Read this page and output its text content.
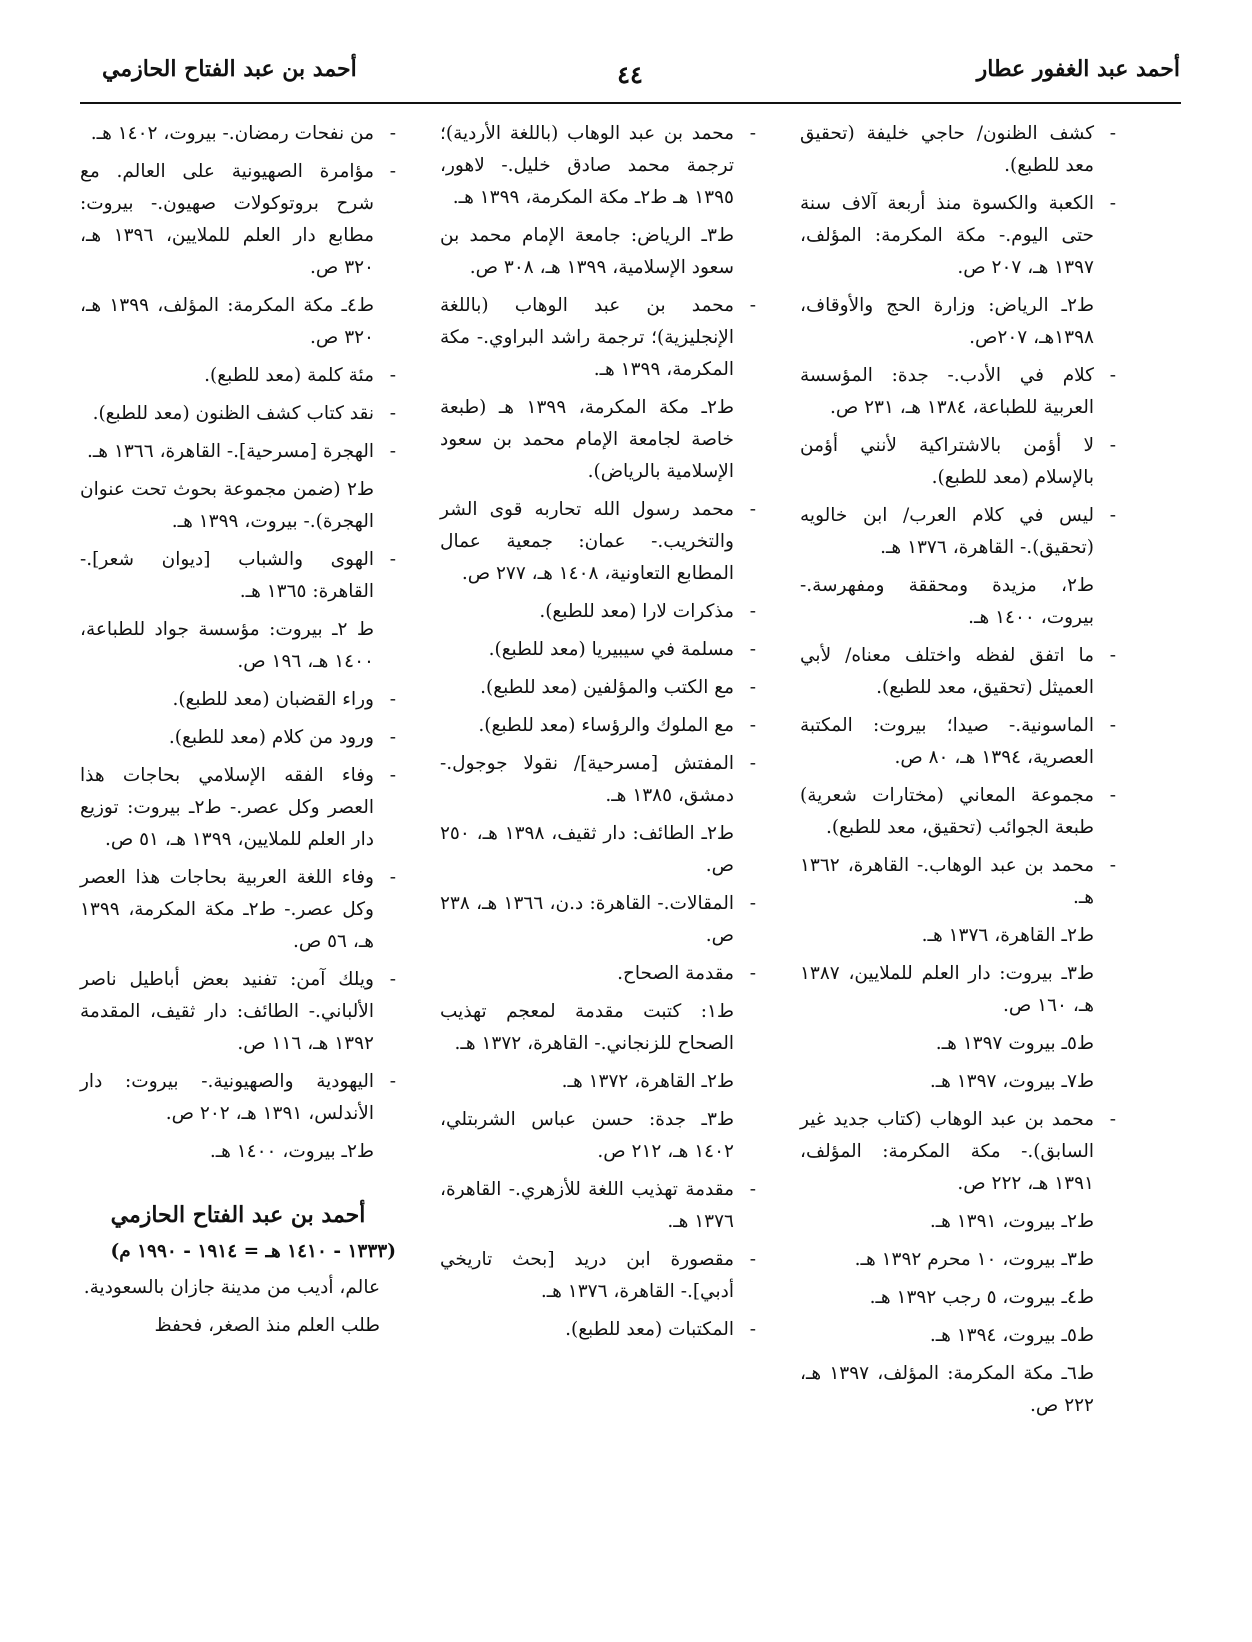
أحمد عبد الغفور عطار
٤٤
أحمد بن عبد الفتاح الحازمي
-
كشف الظنون/ حاجي خليفة (تحقيق معد للطبع).
-
الكعبة والكسوة منذ أربعة آلاف سنة حتى اليوم.- مكة المكرمة: المؤلف، ١٣٩٧ هـ، ٢٠٧ ص.
ط٢ـ الرياض: وزارة الحج والأوقاف، ١٣٩٨هـ، ٢٠٧ص.
-
كلام في الأدب.- جدة: المؤسسة العربية للطباعة، ١٣٨٤ هـ، ٢٣١ ص.
-
لا أؤمن بالاشتراكية لأنني أؤمن بالإسلام (معد للطبع).
-
ليس في كلام العرب/ ابن خالويه (تحقيق).- القاهرة، ١٣٧٦ هـ.
ط٢، مزيدة ومحققة ومفهرسة.- بيروت، ١٤٠٠ هـ.
-
ما اتفق لفظه واختلف معناه/ لأبي العميثل (تحقيق، معد للطبع).
-
الماسونية.- صيدا؛ بيروت: المكتبة العصرية، ١٣٩٤ هـ، ٨٠ ص.
-
مجموعة المعاني (مختارات شعرية) طبعة الجوائب (تحقيق، معد للطبع).
-
محمد بن عبد الوهاب.- القاهرة، ١٣٦٢ هـ.
ط٢ـ القاهرة، ١٣٧٦ هـ.
ط٣ـ بيروت: دار العلم للملايين، ١٣٨٧ هـ، ١٦٠ ص.
ط٥ـ بيروت ١٣٩٧ هـ.
ط٧ـ بيروت، ١٣٩٧ هـ.
-
محمد بن عبد الوهاب (كتاب جديد غير السابق).- مكة المكرمة: المؤلف، ١٣٩١ هـ، ٢٢٢ ص.
ط٢ـ بيروت، ١٣٩١ هـ.
ط٣ـ بيروت، ١٠ محرم ١٣٩٢ هـ.
ط٤ـ بيروت، ٥ رجب ١٣٩٢ هـ.
ط٥ـ بيروت، ١٣٩٤ هـ.
ط٦ـ مكة المكرمة: المؤلف، ١٣٩٧ هـ، ٢٢٢ ص.
-
محمد بن عبد الوهاب (باللغة الأردية)؛ ترجمة محمد صادق خليل.- لاهور، ١٣٩٥ هـ ط٢ـ مكة المكرمة، ١٣٩٩ هـ.
ط٣ـ الرياض: جامعة الإمام محمد بن سعود الإسلامية، ١٣٩٩ هـ، ٣٠٨ ص.
-
محمد بن عبد الوهاب (باللغة الإنجليزية)؛ ترجمة راشد البراوي.- مكة المكرمة، ١٣٩٩ هـ.
ط٢ـ مكة المكرمة، ١٣٩٩ هـ (طبعة خاصة لجامعة الإمام محمد بن سعود الإسلامية بالرياض).
-
محمد رسول الله تحاربه قوى الشر والتخريب.- عمان: جمعية عمال المطابع التعاونية، ١٤٠٨ هـ، ٢٧٧ ص.
-
مذكرات لارا (معد للطبع).
-
مسلمة في سيبيريا (معد للطبع).
-
مع الكتب والمؤلفين (معد للطبع).
-
مع الملوك والرؤساء (معد للطبع).
-
المفتش [مسرحية]/ نقولا جوجول.- دمشق، ١٣٨٥ هـ.
ط٢ـ الطائف: دار ثقيف، ١٣٩٨ هـ، ٢٥٠ ص.
-
المقالات.- القاهرة: د.ن، ١٣٦٦ هـ، ٢٣٨ ص.
-
مقدمة الصحاح.
ط١: كتبت مقدمة لمعجم تهذيب الصحاح للزنجاني.- القاهرة، ١٣٧٢ هـ.
ط٢ـ القاهرة، ١٣٧٢ هـ.
ط٣ـ جدة: حسن عباس الشربتلي، ١٤٠٢ هـ، ٢١٢ ص.
-
مقدمة تهذيب اللغة للأزهري.- القاهرة، ١٣٧٦ هـ.
-
مقصورة ابن دريد [بحث تاريخي أدبي].- القاهرة، ١٣٧٦ هـ.
-
المكتبات (معد للطبع).
-
من نفحات رمضان.- بيروت، ١٤٠٢ هـ.
-
مؤامرة الصهيونية على العالم. مع شرح بروتوكولات صهيون.- بيروت: مطابع دار العلم للملايين، ١٣٩٦ هـ، ٣٢٠ ص.
ط٤ـ مكة المكرمة: المؤلف، ١٣٩٩ هـ، ٣٢٠ ص.
-
مئة كلمة (معد للطبع).
-
نقد كتاب كشف الظنون (معد للطبع).
-
الهجرة [مسرحية].- القاهرة، ١٣٦٦ هـ.
ط٢ (ضمن مجموعة بحوث تحت عنوان الهجرة).- بيروت، ١٣٩٩ هـ.
-
الهوى والشباب [ديوان شعر].- القاهرة: ١٣٦٥ هـ.
ط ٢ـ بيروت: مؤسسة جواد للطباعة، ١٤٠٠ هـ، ١٩٦ ص.
-
وراء القضبان (معد للطبع).
-
ورود من كلام (معد للطبع).
-
وفاء الفقه الإسلامي بحاجات هذا العصر وكل عصر.- ط٢ـ بيروت: توزيع دار العلم للملايين، ١٣٩٩ هـ، ٥١ ص.
-
وفاء اللغة العربية بحاجات هذا العصر وكل عصر.- ط٢ـ مكة المكرمة، ١٣٩٩ هـ، ٥٦ ص.
-
ويلك آمن: تفنيد بعض أباطيل ناصر الألباني.- الطائف: دار ثقيف، المقدمة ١٣٩٢ هـ، ١١٦ ص.
-
اليهودية والصهيونية.- بيروت: دار الأندلس، ١٣٩١ هـ، ٢٠٢ ص.
ط٢ـ بيروت، ١٤٠٠ هـ.
أحمد بن عبد الفتاح الحازمي
(١٣٣٣ - ١٤١٠ هـ = ١٩١٤ - ١٩٩٠ م)
عالم، أديب من مدينة جازان بالسعودية.
طلب العلم منذ الصغر، فحفظ
